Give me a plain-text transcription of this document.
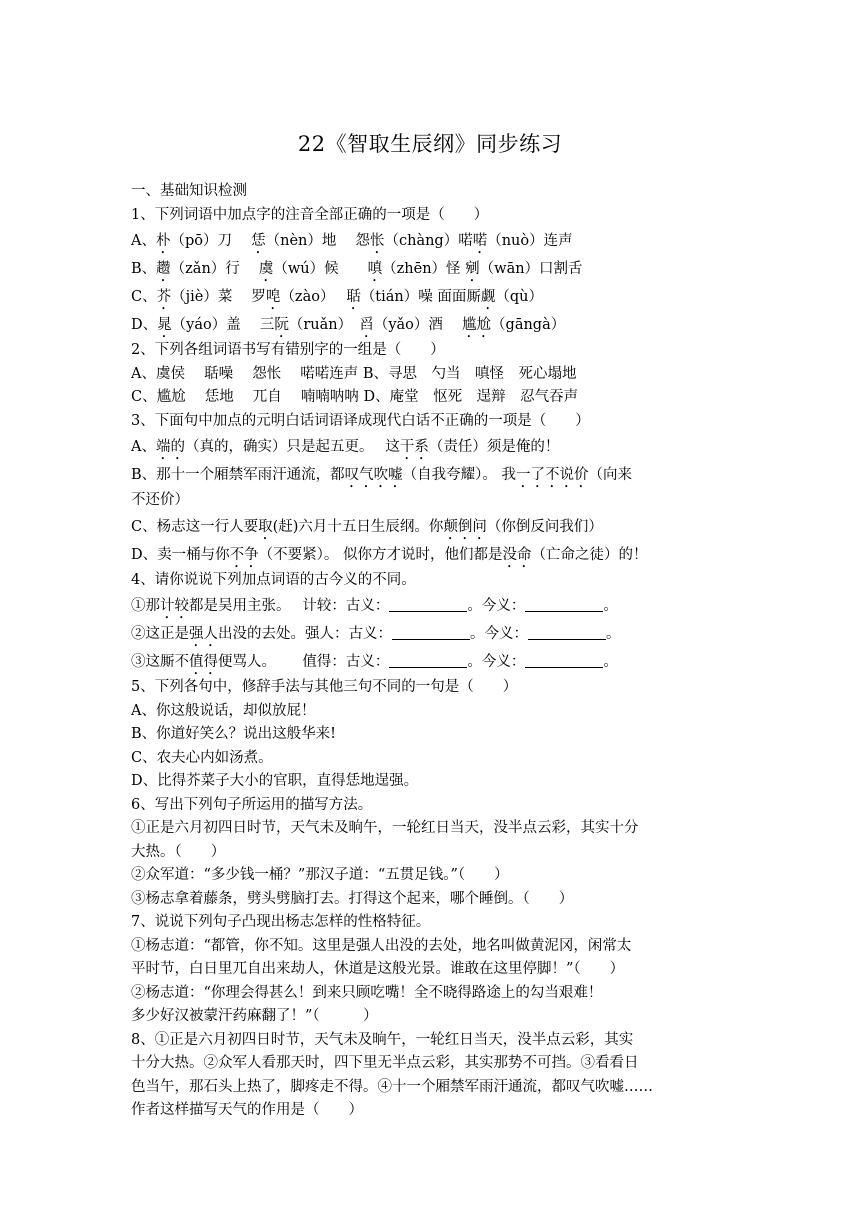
22《智取生辰纲》同步练习
一、基础知识检测
1、下列词语中加点字的注音全部正确的一项是（　　）
A、朴（pō）刀　 恁（nèn）地　 怨怅（chàng）喏喏（nuò）连声
B、趱（zǎn）行　 虞（wú）候　　嗔（zhēn）怪 剜（wān）口割舌
C、芥（jiè）菜　 罗唣（zào）　 聒（tián）噪 面面厮觑（qù）
D、晁（yáo）盖　 三阮（ruǎn）　舀（yǎo）酒　 尴尬（gāngà）
2、下列各组词语书写有错别字的一组是（　　）
A、虞侯　 聒噪　 怨怅　 喏喏连声 B、寻思　勺当　嗔怪　死心塌地
C、尴尬　 恁地　 兀自　 喃喃呐呐 D、庵堂　怄死　逞辩　忍气吞声
3、下面句中加点的元明白话词语译成现代白话不正确的一项是（　　）
A、端的（真的，确实）只是起五更。　 这干系（责任）须是俺的！
B、那十一个厢禁军雨汗通流，都叹气吹嘘（自我夸耀）。 我一了不说价（向来
不还价）
C、杨志这一行人要取(赶)六月十五日生辰纲。你颠倒问（你倒反问我们）
D、卖一桶与你不争（不要紧）。 似你方才说时，他们都是没命（亡命之徒）的！
4、请你说说下列加点词语的古今义的不同。
①那计较都是吴用主张。　 计较：古义：	。今义：	。
②这正是强人出没的去处。强人：古义：	。今义：	。
③这厮不值得便骂人。　　 值得：古义：	。今义：	。
5、下列各句中，修辞手法与其他三句不同的一句是（　　）
A、你这般说话，却似放屁！
B、你道好笑么？说出这般华来!
C、农夫心内如汤煮。
D、比得芥菜子大小的官职，直得恁地逞强。
6、写出下列句子所运用的描写方法。
①正是六月初四日时节，天气未及晌午，一轮红日当天，没半点云彩，其实十分
大热。（　　）
②众军道：“多少钱一桶？”那汉子道：“五贯足钱。”（　　）
③杨志拿着藤条，劈头劈脑打去。打得这个起来，哪个睡倒。（　　）
7、说说下列句子凸现出杨志怎样的性格特征。
①杨志道：“都管，你不知。这里是强人出没的去处，地名叫做黄泥冈，闲常太
平时节，白日里兀自出来劫人，休道是这般光景。谁敢在这里停脚！”（　　）
②杨志道：“你理会得甚么！到来只顾吃嘴！全不晓得路途上的勾当艰难！
多少好汉被蒙汗药麻翻了！”（　　　）
8、①正是六月初四日时节，天气未及晌午，一轮红日当天，没半点云彩，其实
十分大热。②众军人看那天时，四下里无半点云彩，其实那势不可挡。③看看日
色当午，那石头上热了，脚疼走不得。④十一个厢禁军雨汗通流，都叹气吹嘘……
作者这样描写天气的作用是（　　）
